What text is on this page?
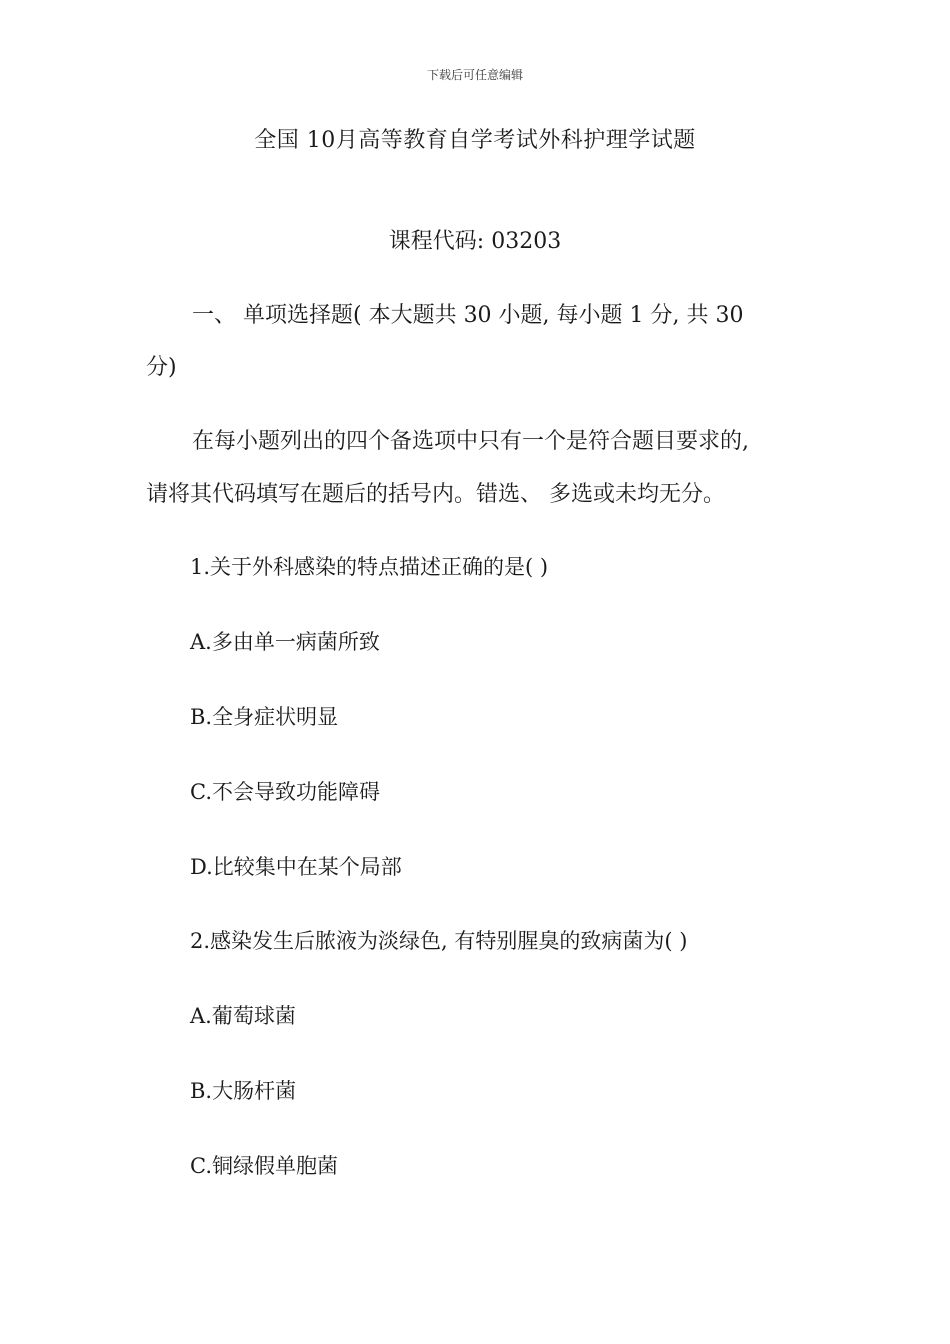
下载后可任意编辑

全国 10月高等教育自学考试外科护理学试题

课程代码: 03203

一、 单项选择题( 本大题共 30 小题, 每小题 1 分, 共 30

分)

在每小题列出的四个备选项中只有一个是符合题目要求的,

请将其代码填写在题后的括号内。错选、 多选或未均无分。

1.关于外科感染的特点描述正确的是( )

A.多由单一病菌所致

B.全身症状明显

C.不会导致功能障碍

D.比较集中在某个局部

2.感染发生后脓液为淡绿色, 有特别腥臭的致病菌为( )

A.葡萄球菌

B.大肠杆菌

C.铜绿假单胞菌
